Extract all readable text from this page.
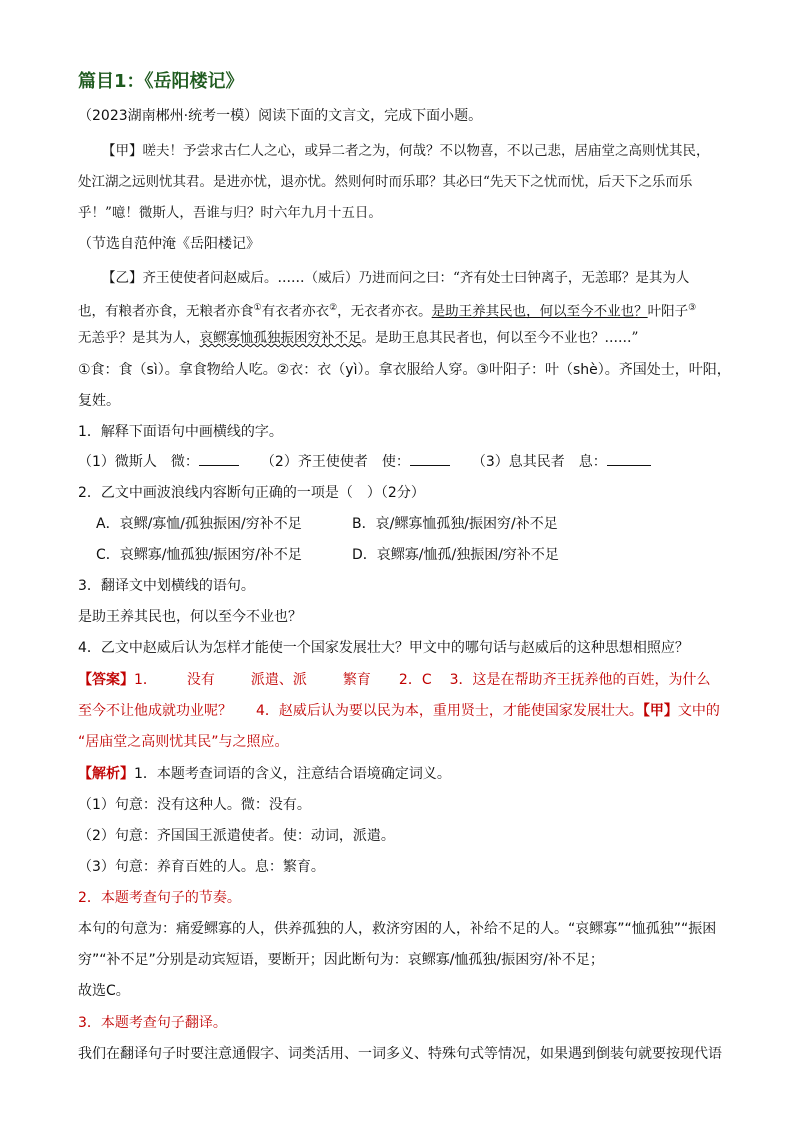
篇目1：《岳阳楼记》
（2023湖南郴州·统考一模）阅读下面的文言文，完成下面小题。
【甲】嗟夫！予尝求古仁人之心，或异二者之为，何哉？不以物喜，不以己悲，居庙堂之高则忧其民，
处江湖之远则忧其君。是进亦忧，退亦忧。然则何时而乐耶？其必曰“先天下之忧而忧，后天下之乐而乐
乎！”噫！微斯人，吾谁与归？时六年九月十五日。
（节选自范仲淹《岳阳楼记》
【乙】齐王使使者问赵威后。……（威后）乃进而问之曰：“齐有处士曰钟离子，无恙耶？是其为人
也，有粮者亦食，无粮者亦食①有衣者亦衣②，无衣者亦衣。是助王养其民也，何以至今不业也？叶阳子③
无恙乎？是其为人，哀鳏寡恤孤独振困穷补不足。是助王息其民者也，何以至今不业也？……”
①食：食（sì）。拿食物给人吃。②衣：衣（yì）。拿衣服给人穿。③叶阳子：叶（shè）。齐国处士，叶阳，
复姓。
1．解释下面语句中画横线的字。
（1）微斯人　微：	（2）齐王使使者　使：	（3）息其民者　息：
2．乙文中画波浪线内容断句正确的一项是（　）（2分）
A．哀鳏/寡恤/孤独振困/穷补不足	B．哀/鳏寡恤孤独/振困穷/补不足
C．哀鳏寡/恤孤独/振困穷/补不足	D．哀鳏寡/恤孤/独振困/穷补不足
3．翻译文中划横线的语句。
是助王养其民也，何以至今不业也？
4．乙文中赵威后认为怎样才能使一个国家发展壮大？甲文中的哪句话与赵威后的这种思想相照应？
【答案】1． 没有	派遣、派	繁育 2．C 3．这是在帮助齐王抚养他的百姓，为什么
至今不让他成就功业呢？ 4．赵威后认为要以民为本，重用贤士，才能使国家发展壮大。【甲】文中的
“居庙堂之高则忧其民”与之照应。
【解析】1．本题考查词语的含义，注意结合语境确定词义。
（1）句意：没有这种人。微：没有。
（2）句意：齐国国王派遣使者。使：动词，派遣。
（3）句意：养育百姓的人。息：繁育。
2．本题考查句子的节奏。
本句的句意为：痛爱鳏寡的人，供养孤独的人，救济穷困的人，补给不足的人。“哀鳏寡”“恤孤独”“振困
穷”“补不足”分别是动宾短语，要断开；因此断句为：哀鳏寡/恤孤独/振困穷/补不足；
故选C。
3．本题考查句子翻译。
我们在翻译句子时要注意通假字、词类活用、一词多义、特殊句式等情况，如果遇到倒装句就要按现代语
